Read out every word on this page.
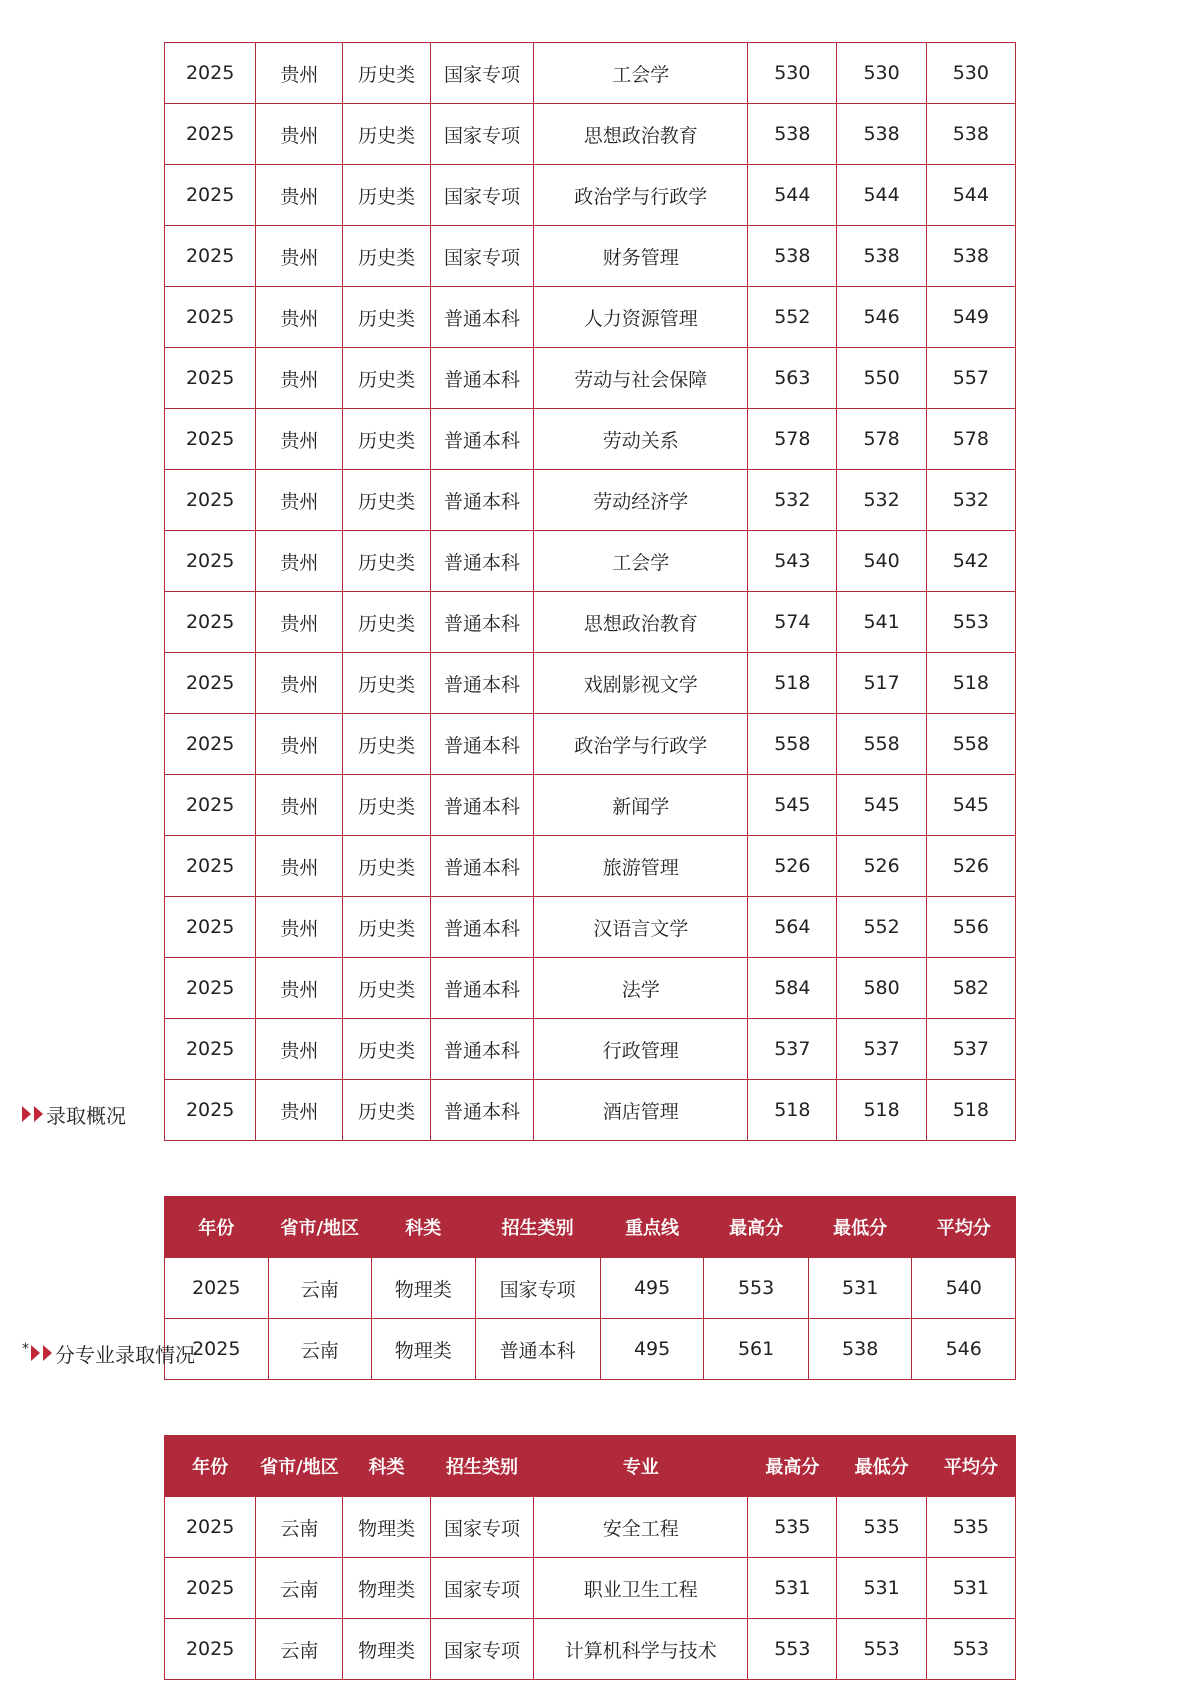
2025	贵州	历史类	国家专项	工会学	530	530	530
2025	贵州	历史类	国家专项	思想政治教育	538	538	538
2025	贵州	历史类	国家专项	政治学与行政学	544	544	544
2025	贵州	历史类	国家专项	财务管理	538	538	538
2025	贵州	历史类	普通本科	人力资源管理	552	546	549
2025	贵州	历史类	普通本科	劳动与社会保障	563	550	557
2025	贵州	历史类	普通本科	劳动关系	578	578	578
2025	贵州	历史类	普通本科	劳动经济学	532	532	532
2025	贵州	历史类	普通本科	工会学	543	540	542
2025	贵州	历史类	普通本科	思想政治教育	574	541	553
2025	贵州	历史类	普通本科	戏剧影视文学	518	517	518
2025	贵州	历史类	普通本科	政治学与行政学	558	558	558
2025	贵州	历史类	普通本科	新闻学	545	545	545
2025	贵州	历史类	普通本科	旅游管理	526	526	526
2025	贵州	历史类	普通本科	汉语言文学	564	552	556
2025	贵州	历史类	普通本科	法学	584	580	582
2025	贵州	历史类	普通本科	行政管理	537	537	537
2025	贵州	历史类	普通本科	酒店管理	518	518	518
录取概况
年份	省市/地区	科类	招生类别	重点线	最高分	最低分	平均分
2025	云南	物理类	国家专项	495	553	531	540
2025	云南	物理类	普通本科	495	561	538	546
* 分专业录取情况
年份	省市/地区	科类	招生类别	专业	最高分	最低分	平均分
2025	云南	物理类	国家专项	安全工程	535	535	535
2025	云南	物理类	国家专项	职业卫生工程	531	531	531
2025	云南	物理类	国家专项	计算机科学与技术	553	553	553
